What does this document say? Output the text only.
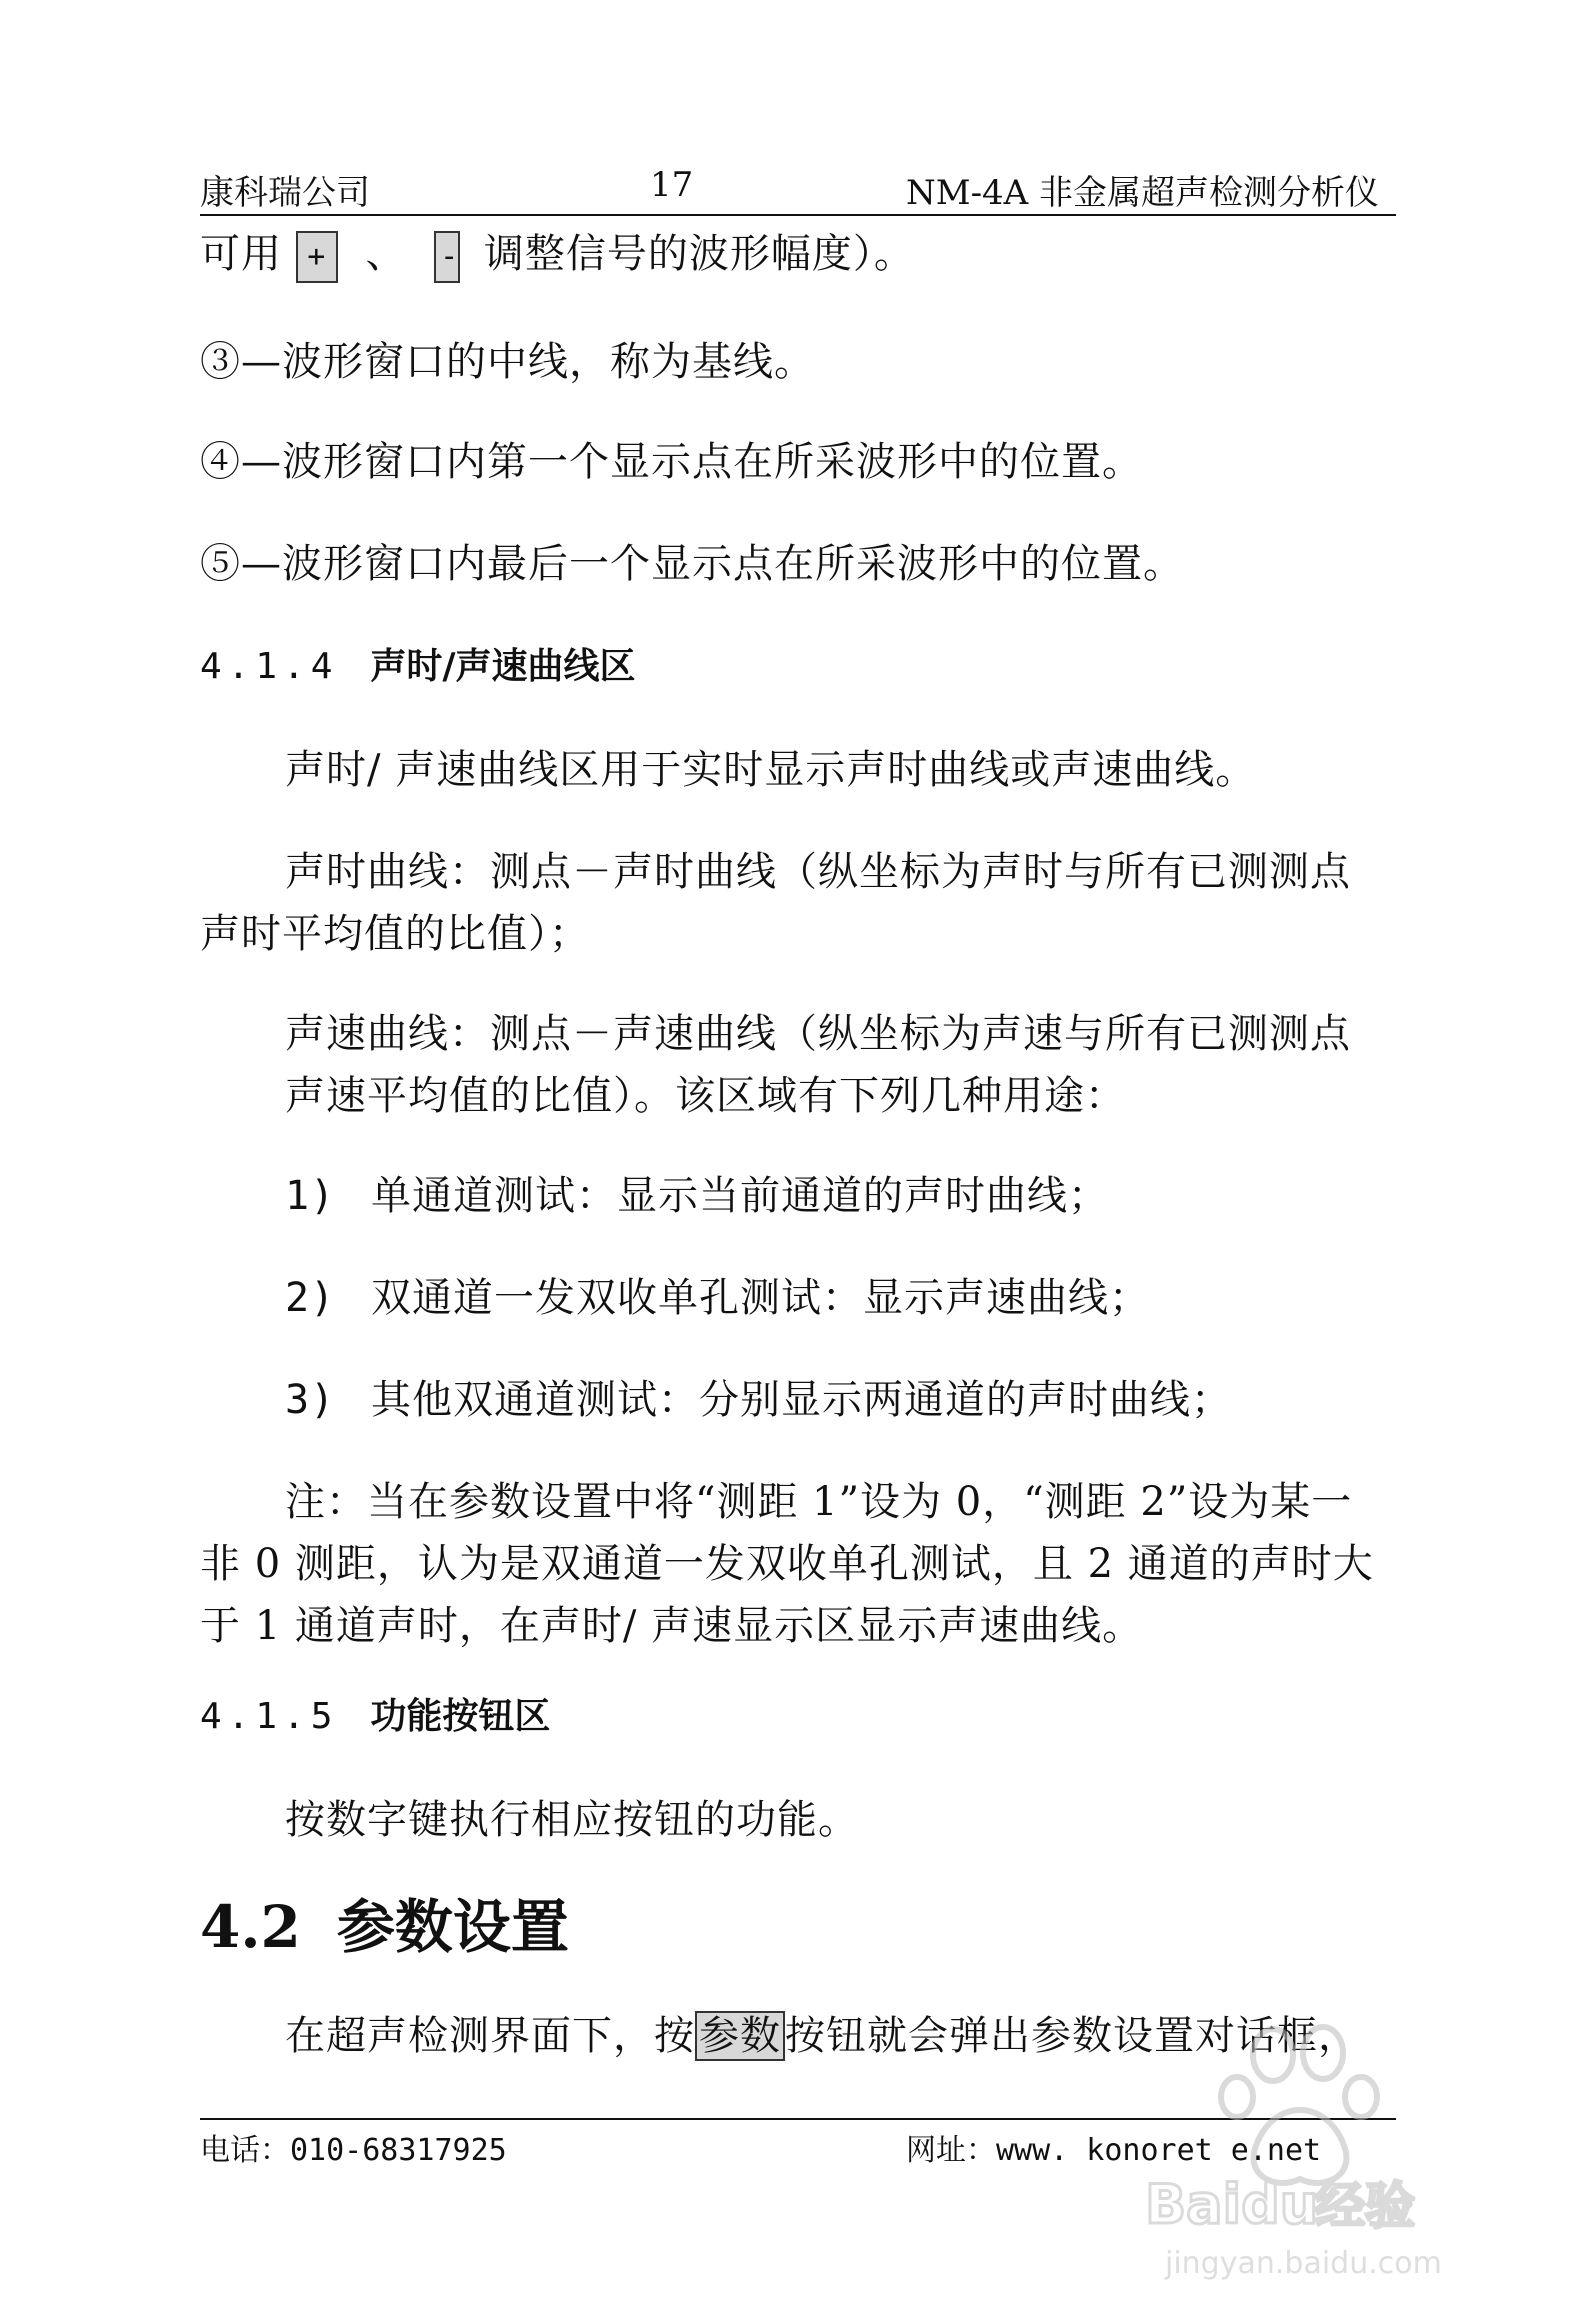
康科瑞公司	17	NM-4A 非金属超声检测分析仪
可用 + 、 - 调整信号的波形幅度）。
③—波形窗口的中线，称为基线。
④—波形窗口内第一个显示点在所采波形中的位置。
⑤—波形窗口内最后一个显示点在所采波形中的位置。
4.1.4 声时/声速曲线区
声时/ 声速曲线区用于实时显示声时曲线或声速曲线。
声时曲线：测点－声时曲线（纵坐标为声时与所有已测测点
声时平均值的比值）；
声速曲线：测点－声速曲线（纵坐标为声速与所有已测测点
声速平均值的比值）。该区域有下列几种用途：
1) 单通道测试：显示当前通道的声时曲线；
2) 双通道一发双收单孔测试：显示声速曲线；
3) 其他双通道测试：分别显示两通道的声时曲线；
注：当在参数设置中将“测距 1”设为 0，“测距 2”设为某一
非 0 测距，认为是双通道一发双收单孔测试，且 2 通道的声时大
于 1 通道声时，在声时/ 声速显示区显示声速曲线。
4.1.5 功能按钮区
按数字键执行相应按钮的功能。
4.2 参数设置
在超声检测界面下，按 参数 按钮就会弹出参数设置对话框，
电话：010-68317925	网址：www. konoret e.net
Baidu
经验
jingyan.baidu.com
